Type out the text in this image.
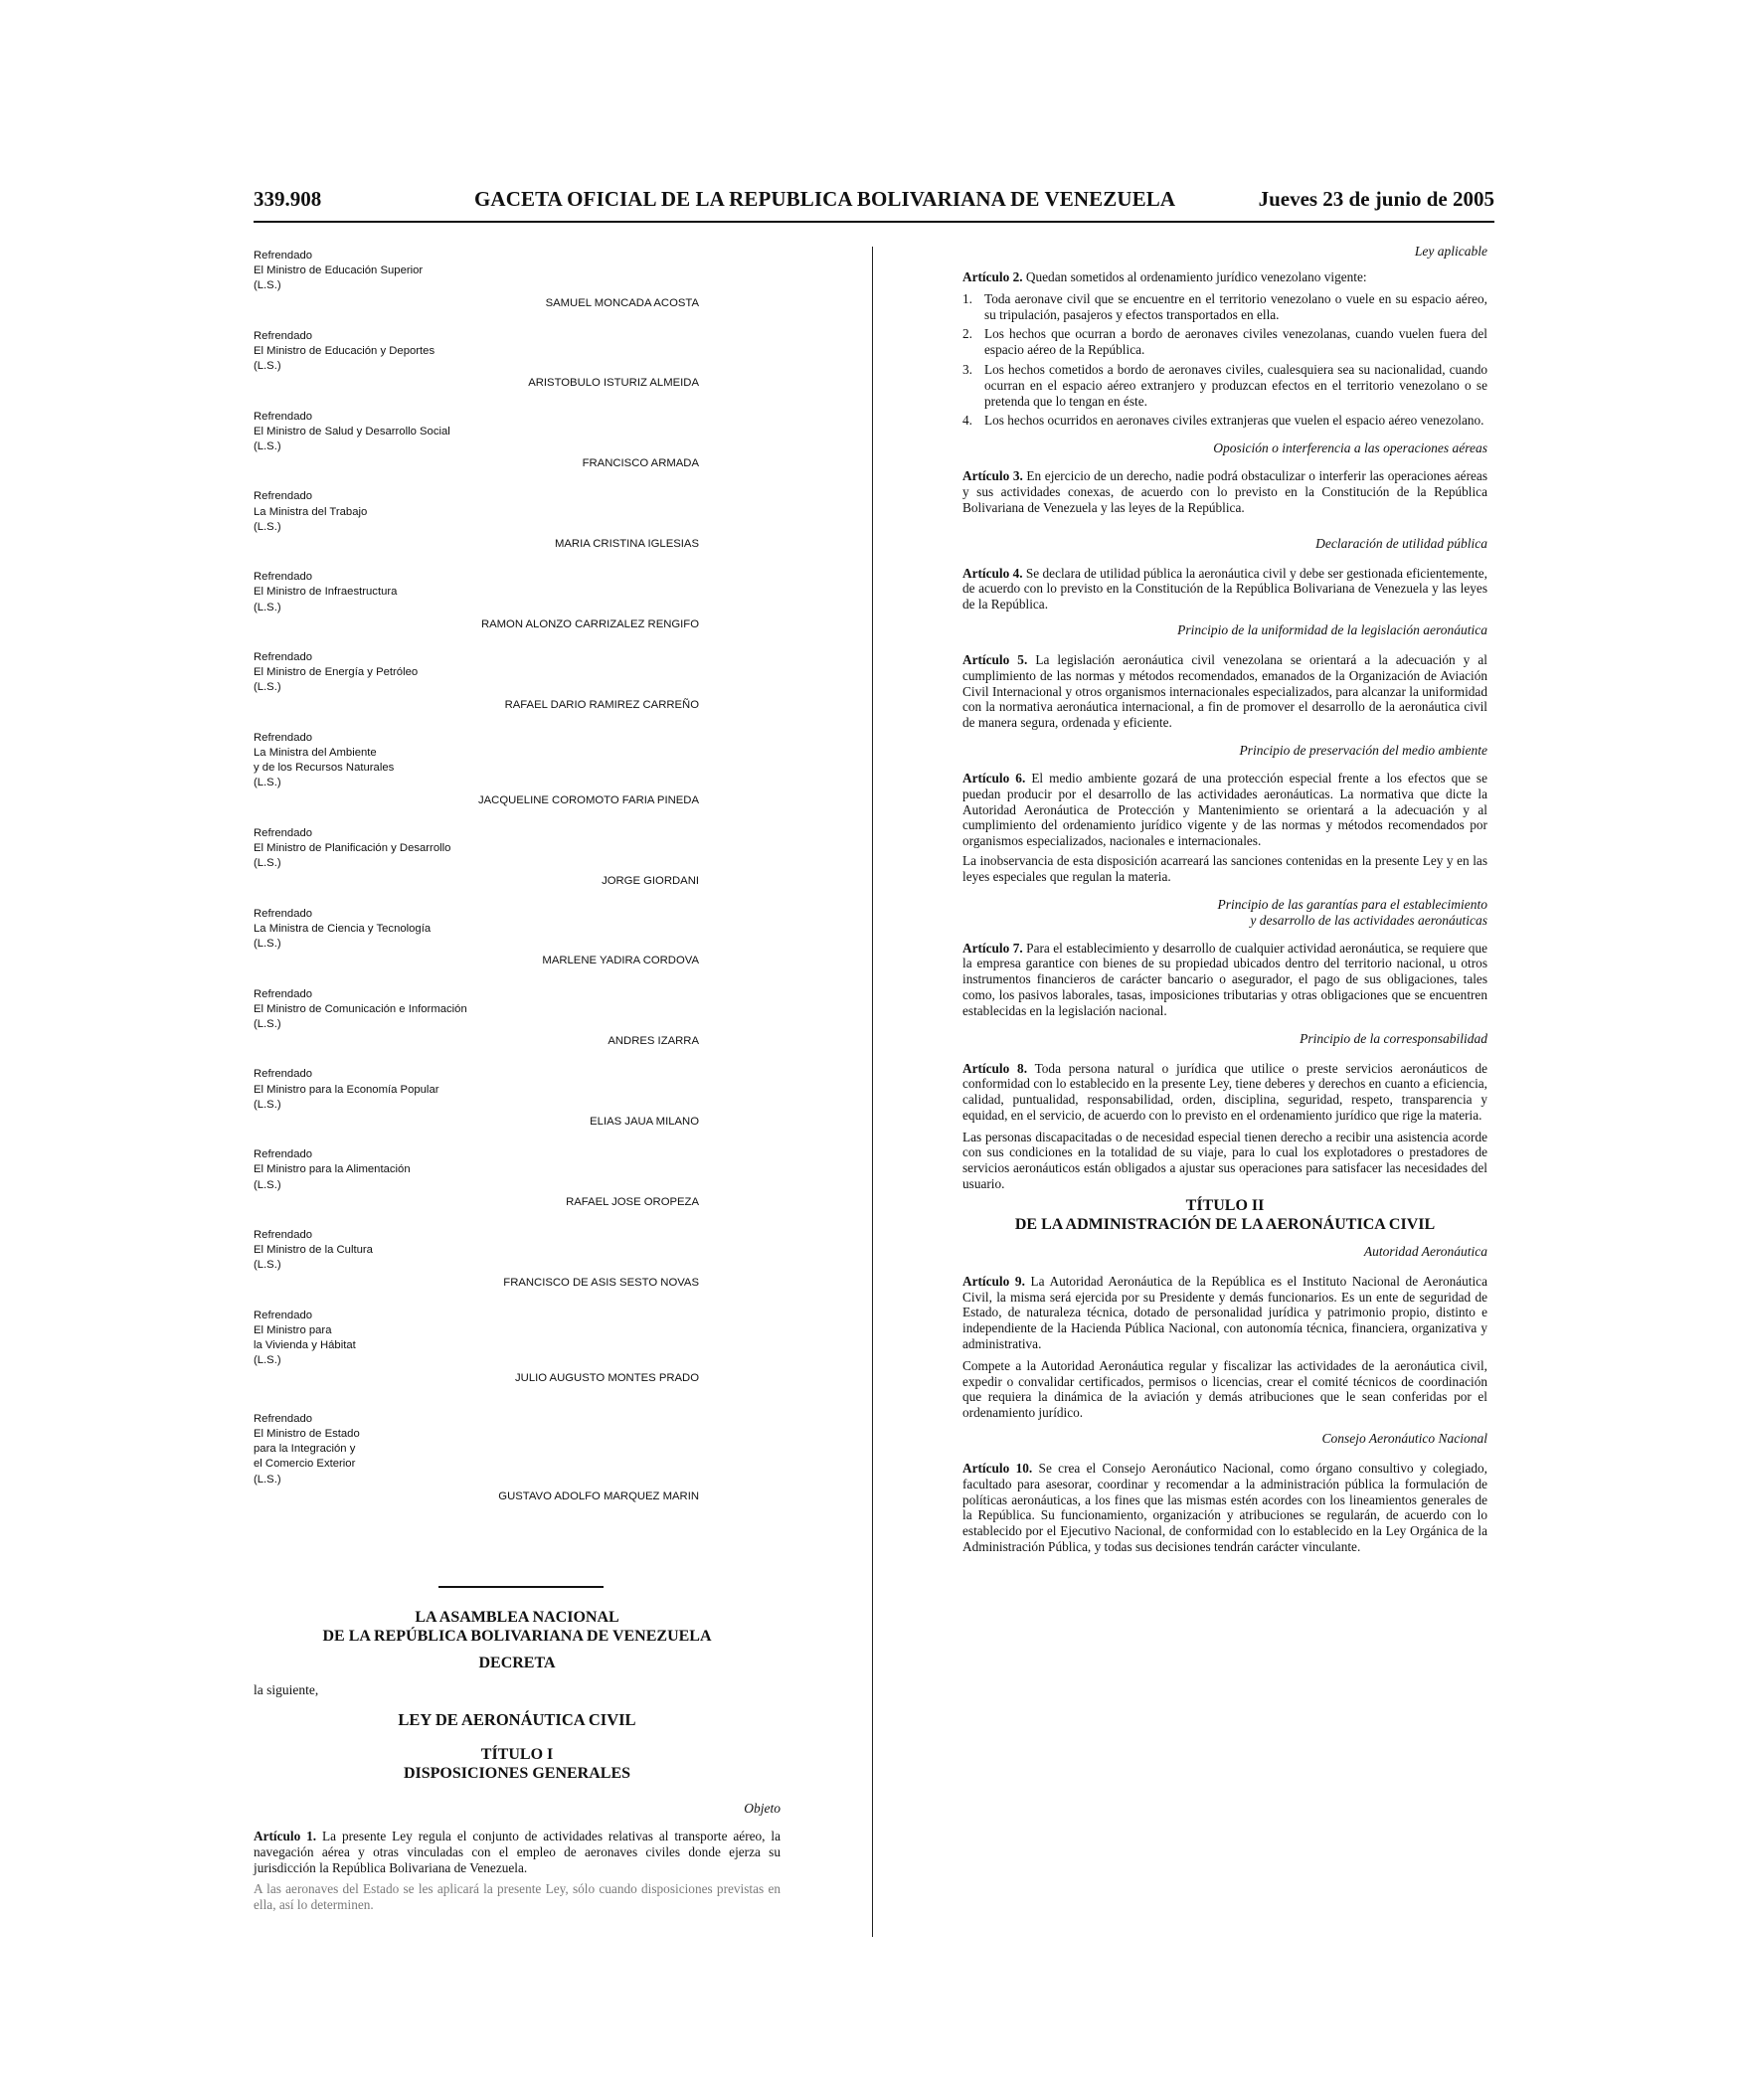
339.908	GACETA OFICIAL DE LA REPUBLICA BOLIVARIANA DE VENEZUELA	Jueves 23 de junio de 2005
Refrendado
El Ministro de Educación Superior
(L.S.)
SAMUEL MONCADA ACOSTA
Refrendado
El Ministro de Educación y Deportes
(L.S.)
ARISTOBULO ISTURIZ ALMEIDA
Refrendado
El Ministro de Salud y Desarrollo Social
(L.S.)
FRANCISCO ARMADA
Refrendado
La Ministra del Trabajo
(L.S.)
MARIA CRISTINA IGLESIAS
Refrendado
El Ministro de Infraestructura
(L.S.)
RAMON ALONZO CARRIZALEZ RENGIFO
Refrendado
El Ministro de Energía y Petróleo
(L.S.)
RAFAEL DARIO RAMIREZ CARREÑO
Refrendado
La Ministra del Ambiente
y de los Recursos Naturales
(L.S.)
JACQUELINE COROMOTO FARIA PINEDA
Refrendado
El Ministro de Planificación y Desarrollo
(L.S.)
JORGE GIORDANI
Refrendado
La Ministra de Ciencia y Tecnología
(L.S.)
MARLENE YADIRA CORDOVA
Refrendado
El Ministro de Comunicación e Información
(L.S.)
ANDRES IZARRA
Refrendado
El Ministro para la Economía Popular
(L.S.)
ELIAS JAUA MILANO
Refrendado
El Ministro para la Alimentación
(L.S.)
RAFAEL JOSE OROPEZA
Refrendado
El Ministro de la Cultura
(L.S.)
FRANCISCO DE ASIS SESTO NOVAS
Refrendado
El Ministro para
la Vivienda y Hábitat
(L.S.)
JULIO AUGUSTO MONTES PRADO
Refrendado
El Ministro de Estado
para la Integración y
el Comercio Exterior
(L.S.)
GUSTAVO ADOLFO MARQUEZ MARIN
LA ASAMBLEA NACIONAL
DE LA REPÚBLICA BOLIVARIANA DE VENEZUELA
DECRETA
la siguiente,
LEY DE AERONÁUTICA CIVIL
TÍTULO I
DISPOSICIONES GENERALES
Objeto

Artículo 1. La presente Ley regula el conjunto de actividades relativas al transporte aéreo, la navegación aérea y otras vinculadas con el empleo de aeronaves civiles donde ejerza su jurisdicción la República Bolivariana de Venezuela.

A las aeronaves del Estado se les aplicará la presente Ley, sólo cuando disposiciones previstas en ella, así lo determinen.

Ley aplicable

Artículo 2. Quedan sometidos al ordenamiento jurídico venezolano vigente:

1. Toda aeronave civil que se encuentre en el territorio venezolano o vuele en su espacio aéreo, su tripulación, pasajeros y efectos transportados en ella.
2. Los hechos que ocurran a bordo de aeronaves civiles venezolanas, cuando vuelen fuera del espacio aéreo de la República.
3. Los hechos cometidos a bordo de aeronaves civiles, cualesquiera sea su nacionalidad, cuando ocurran en el espacio aéreo extranjero y produzcan efectos en el territorio venezolano o se pretenda que lo tengan en éste.
4. Los hechos ocurridos en aeronaves civiles extranjeras que vuelen el espacio aéreo venezolano.
Oposición o interferencia a las operaciones aéreas

Artículo 3. En ejercicio de un derecho, nadie podrá obstaculizar o interferir las operaciones aéreas y sus actividades conexas, de acuerdo con lo previsto en la Constitución de la República Bolivariana de Venezuela y las leyes de la República.

Declaración de utilidad pública

Artículo 4. Se declara de utilidad pública la aeronáutica civil y debe ser gestionada eficientemente, de acuerdo con lo previsto en la Constitución de la República Bolivariana de Venezuela y las leyes de la República.

Principio de la uniformidad de la legislación aeronáutica

Artículo 5. La legislación aeronáutica civil venezolana se orientará a la adecuación y al cumplimiento de las normas y métodos recomendados, emanados de la Organización de Aviación Civil Internacional y otros organismos internacionales especializados, para alcanzar la uniformidad con la normativa aeronáutica internacional, a fin de promover el desarrollo de la aeronáutica civil de manera segura, ordenada y eficiente.

Principio de preservación del medio ambiente

Artículo 6. El medio ambiente gozará de una protección especial frente a los efectos que se puedan producir por el desarrollo de las actividades aeronáuticas. La normativa que dicte la Autoridad Aeronáutica de Protección y Mantenimiento se orientará a la adecuación y al cumplimiento del ordenamiento jurídico vigente y de las normas y métodos recomendados por organismos especializados, nacionales e internacionales.

La inobservancia de esta disposición acarreará las sanciones contenidas en la presente Ley y en las leyes especiales que regulan la materia.

Principio de las garantías para el establecimiento
y desarrollo de las actividades aeronáuticas

Artículo 7. Para el establecimiento y desarrollo de cualquier actividad aeronáutica, se requiere que la empresa garantice con bienes de su propiedad ubicados dentro del territorio nacional, u otros instrumentos financieros de carácter bancario o asegurador, el pago de sus obligaciones, tales como, los pasivos laborales, tasas, imposiciones tributarias y otras obligaciones que se encuentren establecidas en la legislación nacional.

Principio de la corresponsabilidad

Artículo 8. Toda persona natural o jurídica que utilice o preste servicios aeronáuticos de conformidad con lo establecido en la presente Ley, tiene deberes y derechos en cuanto a eficiencia, calidad, puntualidad, responsabilidad, orden, disciplina, seguridad, respeto, transparencia y equidad, en el servicio, de acuerdo con lo previsto en el ordenamiento jurídico que rige la materia.

Las personas discapacitadas o de necesidad especial tienen derecho a recibir una asistencia acorde con sus condiciones en la totalidad de su viaje, para lo cual los explotadores o prestadores de servicios aeronáuticos están obligados a ajustar sus operaciones para satisfacer las necesidades del usuario.

TÍTULO II
DE LA ADMINISTRACIÓN DE LA AERONÁUTICA CIVIL
Autoridad Aeronáutica

Artículo 9. La Autoridad Aeronáutica de la República es el Instituto Nacional de Aeronáutica Civil, la misma será ejercida por su Presidente y demás funcionarios. Es un ente de seguridad de Estado, de naturaleza técnica, dotado de personalidad jurídica y patrimonio propio, distinto e independiente de la Hacienda Pública Nacional, con autonomía técnica, financiera, organizativa y administrativa.

Compete a la Autoridad Aeronáutica regular y fiscalizar las actividades de la aeronáutica civil, expedir o convalidar certificados, permisos o licencias, crear el comité técnicos de coordinación que requiera la dinámica de la aviación y demás atribuciones que le sean conferidas por el ordenamiento jurídico.

Consejo Aeronáutico Nacional

Artículo 10. Se crea el Consejo Aeronáutico Nacional, como órgano consultivo y colegiado, facultado para asesorar, coordinar y recomendar a la administración pública la formulación de políticas aeronáuticas, a los fines que las mismas estén acordes con los lineamientos generales de la República. Su funcionamiento, organización y atribuciones se regularán, de acuerdo con lo establecido por el Ejecutivo Nacional, de conformidad con lo establecido en la Ley Orgánica de la Administración Pública, y todas sus decisiones tendrán carácter vinculante.
